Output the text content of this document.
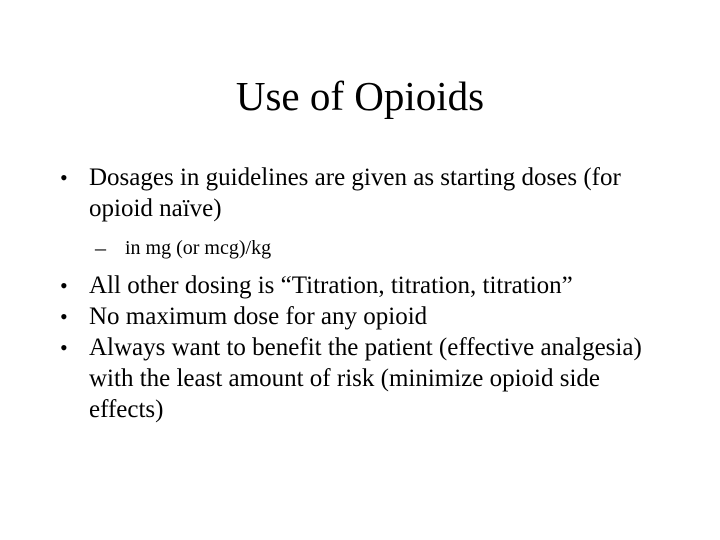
Use of Opioids
• Dosages in guidelines are given as starting doses (for opioid naïve)
– in mg (or mcg)/kg
• All other dosing is “Titration, titration, titration”
• No maximum dose for any opioid
• Always want to benefit the patient (effective analgesia) with the least amount of risk (minimize opioid side effects)
